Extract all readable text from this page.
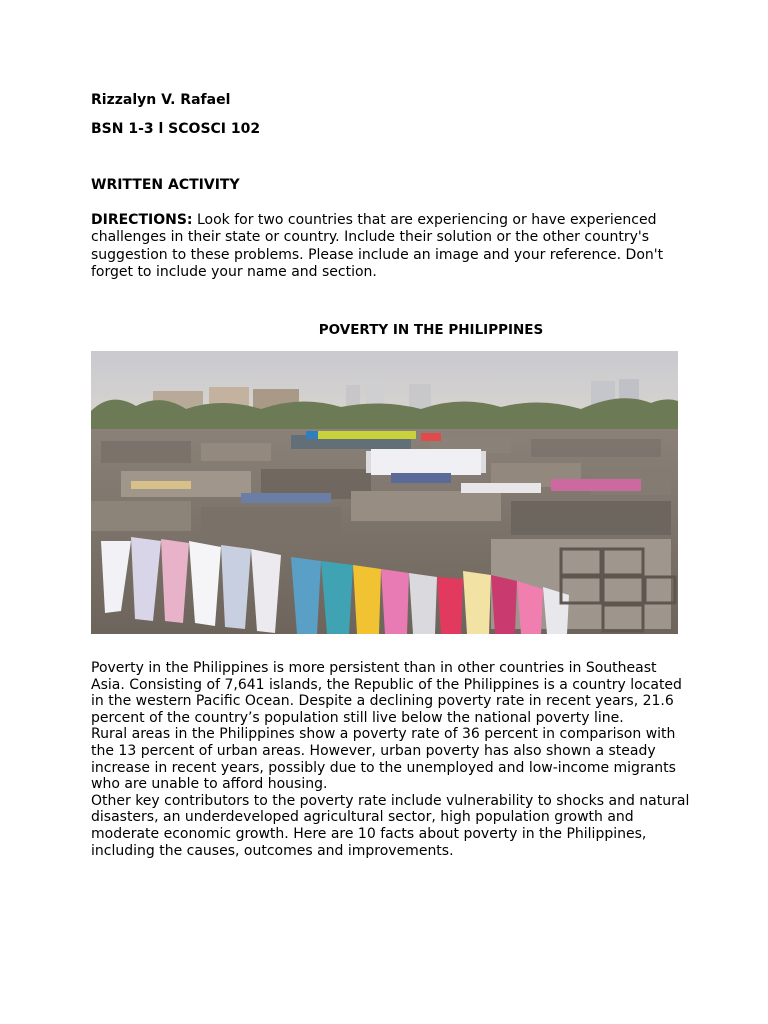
Rizzalyn V. Rafael
BSN 1-3 l SCOSCI 102
WRITTEN ACTIVITY

DIRECTIONS: Look for two countries that are experiencing or have experienced challenges in their state or country. Include their solution or the other country's suggestion to these problems. Please include an image and your reference. Don't forget to include your name and section.

POVERTY IN THE PHILIPPINES

Poverty in the Philippines is more persistent than in other countries in Southeast Asia. Consisting of 7,641 islands, the Republic of the Philippines is a country located in the western Pacific Ocean. Despite a declining poverty rate in recent years, 21.6 percent of the country’s population still live below the national poverty line.

Rural areas in the Philippines show a poverty rate of 36 percent in comparison with the 13 percent of urban areas. However, urban poverty has also shown a steady increase in recent years, possibly due to the unemployed and low-income migrants who are unable to afford housing.

Other key contributors to the poverty rate include vulnerability to shocks and natural disasters, an underdeveloped agricultural sector, high population growth and moderate economic growth. Here are 10 facts about poverty in the Philippines, including the causes, outcomes and improvements.
